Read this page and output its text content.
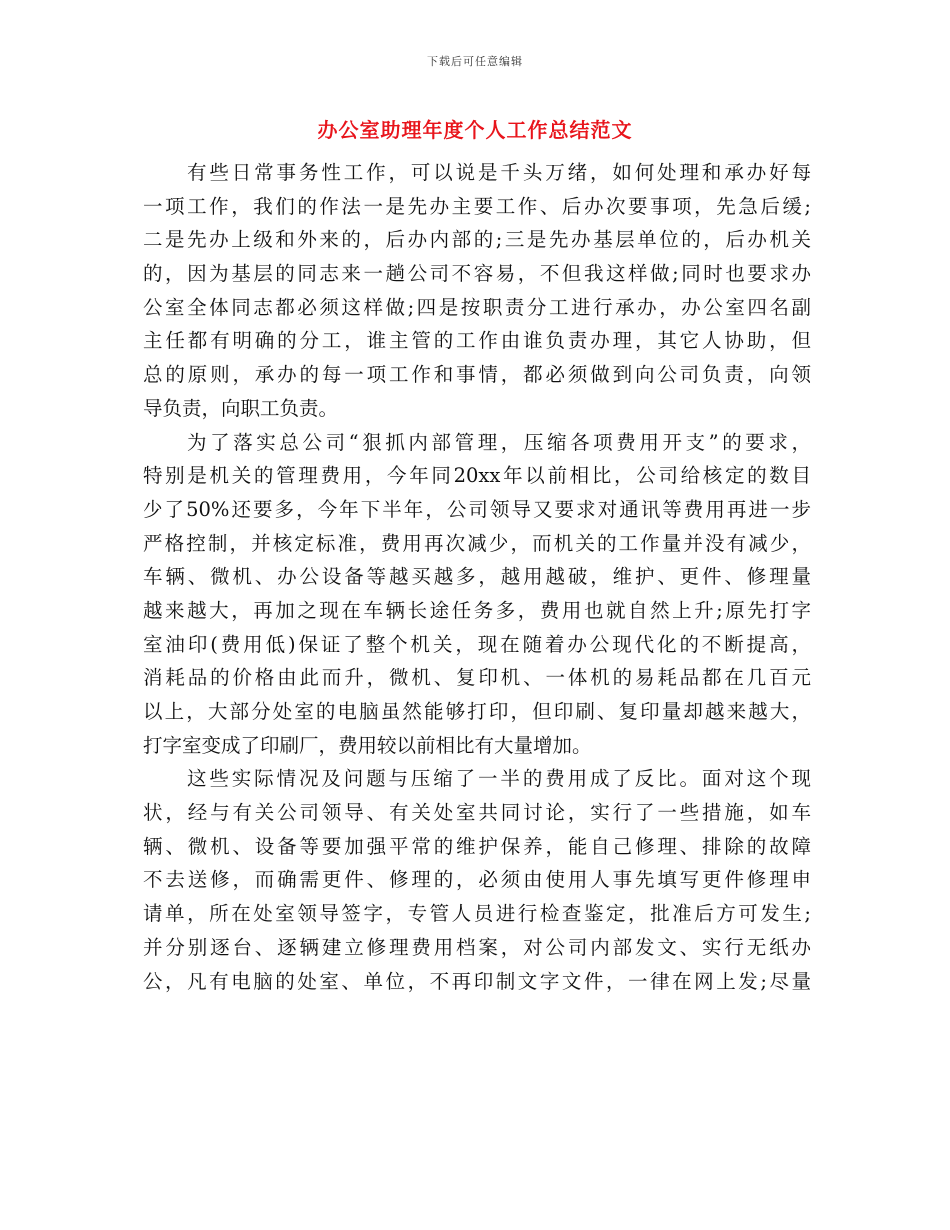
下载后可任意编辑
办公室助理年度个人工作总结范文
有些日常事务性工作，可以说是千头万绪，如何处理和承办好每
一项工作，我们的作法一是先办主要工作、后办次要事项，先急后缓;
二是先办上级和外来的，后办内部的;三是先办基层单位的，后办机关
的，因为基层的同志来一趟公司不容易，不但我这样做;同时也要求办
公室全体同志都必须这样做;四是按职责分工进行承办，办公室四名副
主任都有明确的分工，谁主管的工作由谁负责办理，其它人协助，但
总的原则，承办的每一项工作和事情，都必须做到向公司负责，向领
导负责，向职工负责。
为了落实总公司“狠抓内部管理，压缩各项费用开支”的要求，
特别是机关的管理费用，今年同20xx年以前相比，公司给核定的数目
少了50%还要多，今年下半年，公司领导又要求对通讯等费用再进一步
严格控制，并核定标准，费用再次减少，而机关的工作量并没有减少，
车辆、微机、办公设备等越买越多，越用越破，维护、更件、修理量
越来越大，再加之现在车辆长途任务多，费用也就自然上升;原先打字
室油印(费用低)保证了整个机关，现在随着办公现代化的不断提高，
消耗品的价格由此而升，微机、复印机、一体机的易耗品都在几百元
以上，大部分处室的电脑虽然能够打印，但印刷、复印量却越来越大，
打字室变成了印刷厂，费用较以前相比有大量增加。
这些实际情况及问题与压缩了一半的费用成了反比。面对这个现
状，经与有关公司领导、有关处室共同讨论，实行了一些措施，如车
辆、微机、设备等要加强平常的维护保养，能自己修理、排除的故障
不去送修，而确需更件、修理的，必须由使用人事先填写更件修理申
请单，所在处室领导签字，专管人员进行检查鉴定，批准后方可发生;
并分别逐台、逐辆建立修理费用档案，对公司内部发文、实行无纸办
公，凡有电脑的处室、单位，不再印制文字文件，一律在网上发;尽量
